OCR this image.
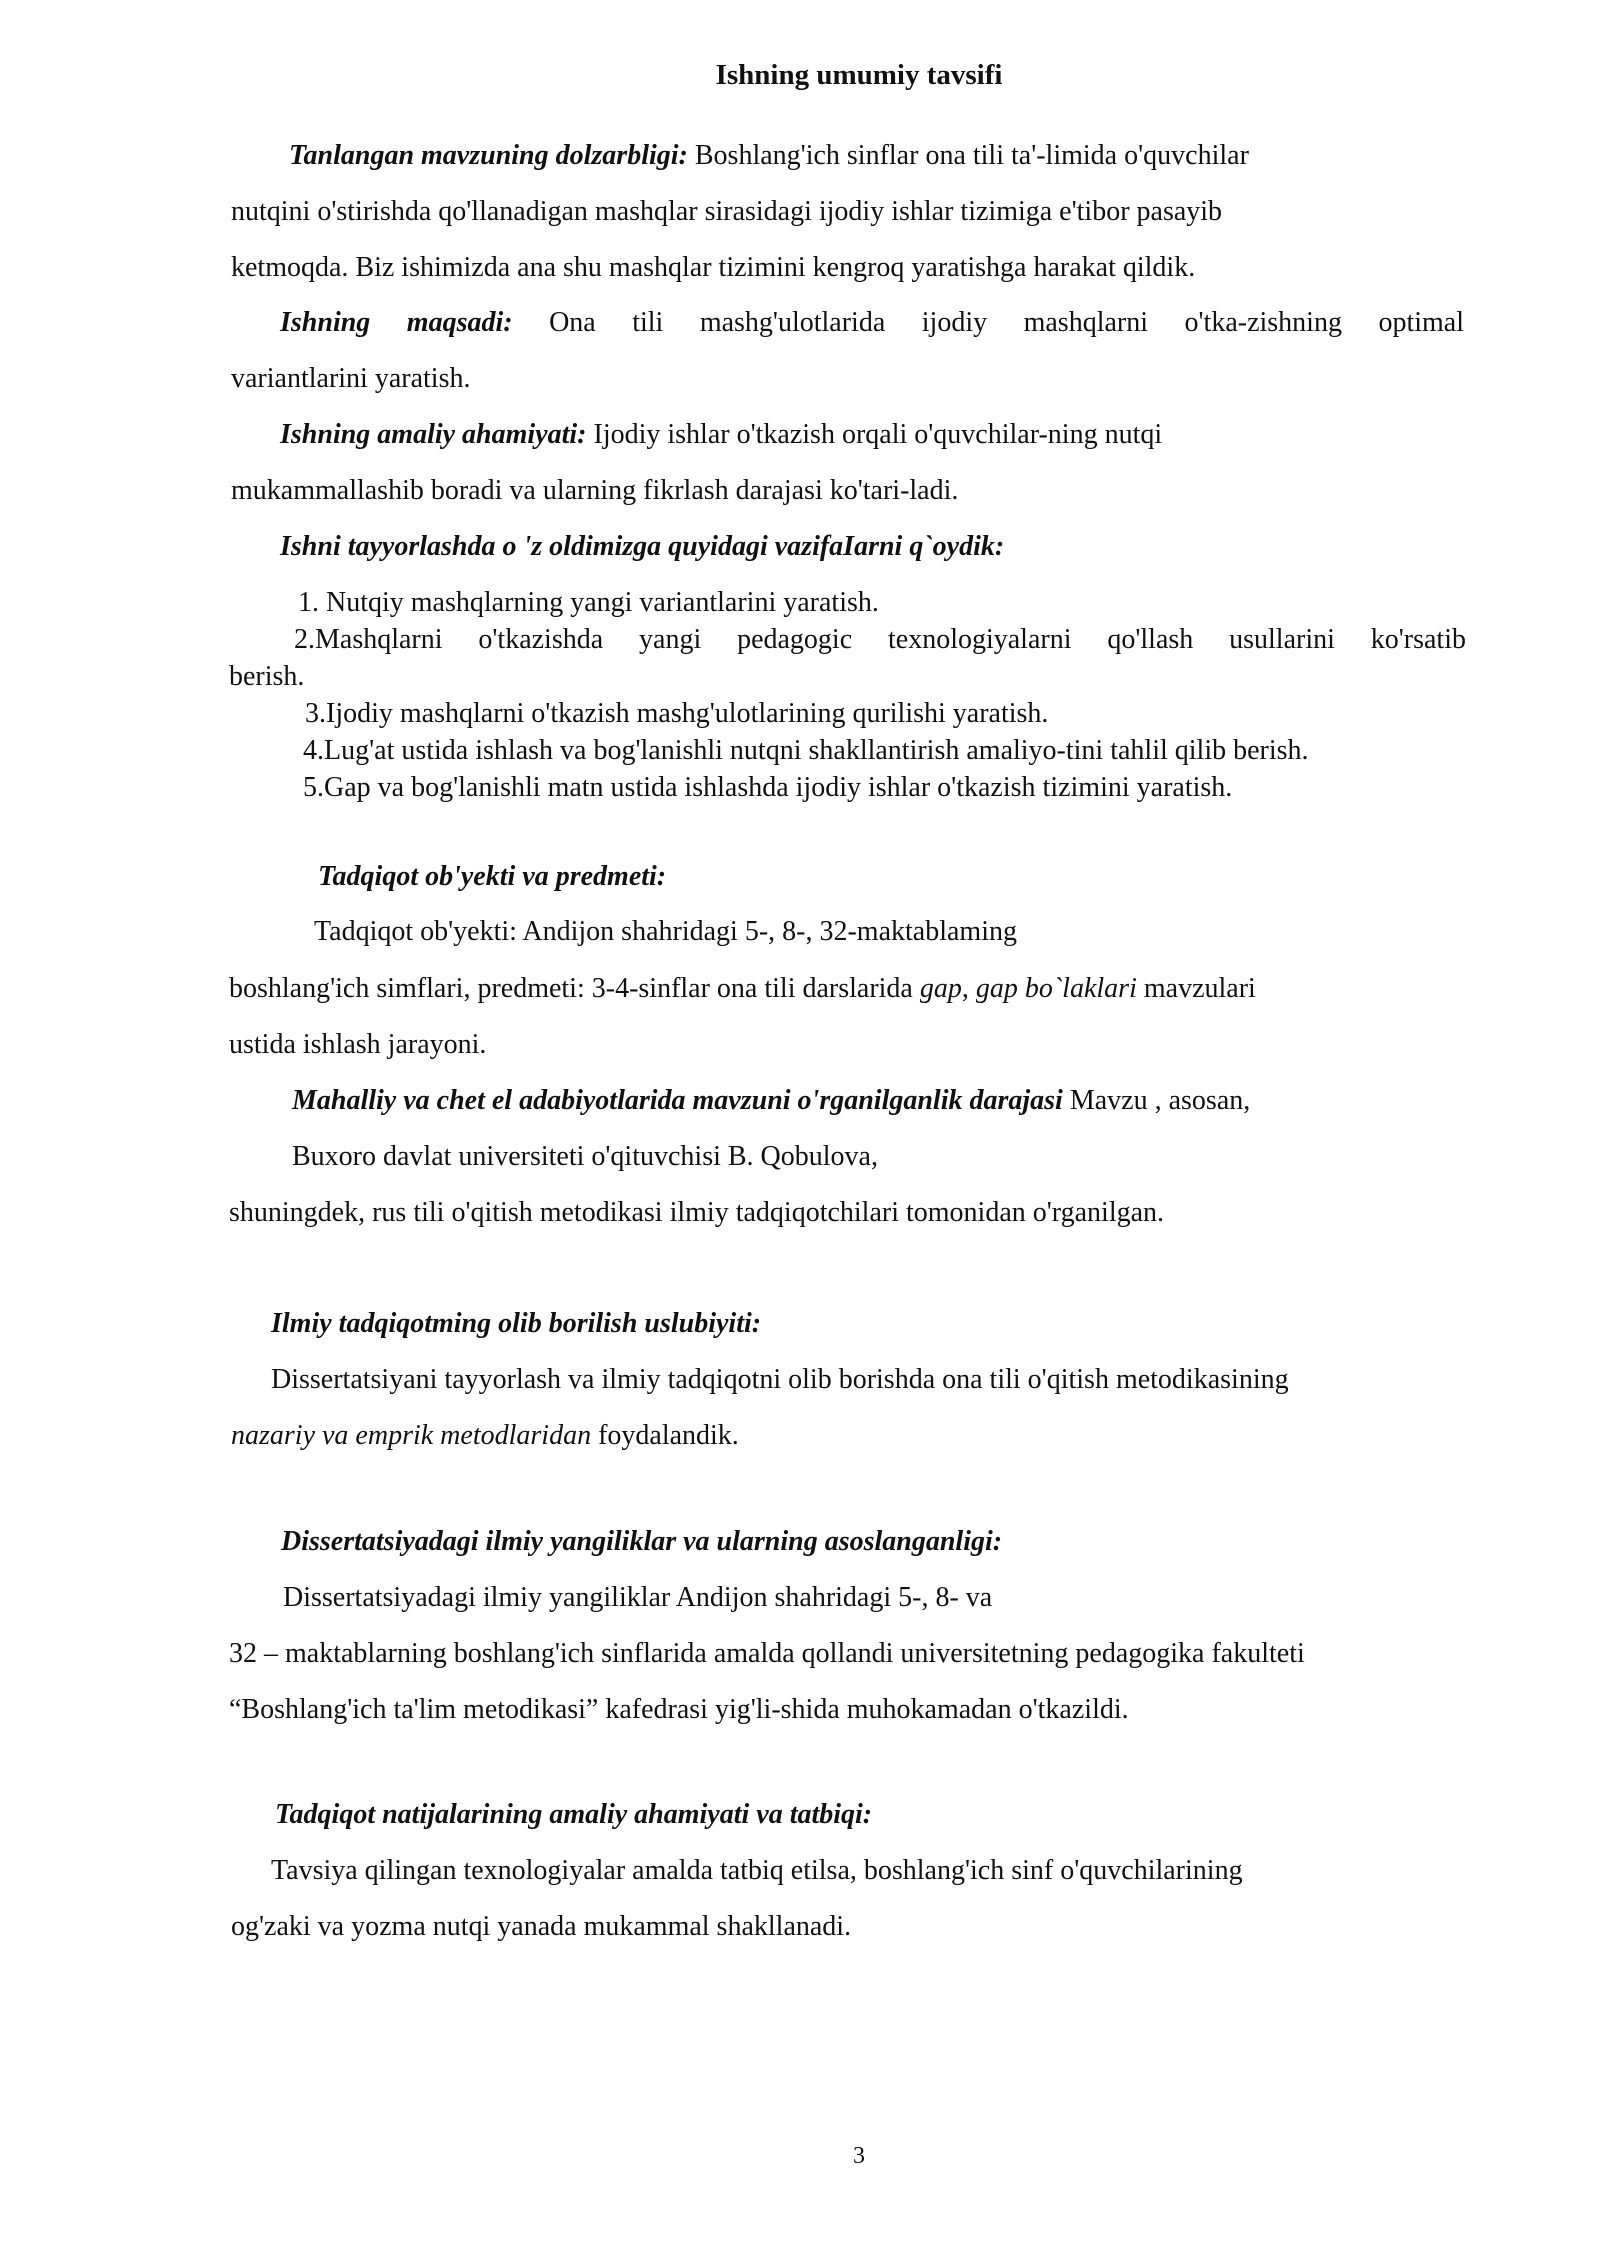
Ishning umumiy tavsifi
Tanlangan mavzuning dolzarbligi: Boshlang'ich sinflar ona tili ta'-limida o'quvchilar
nutqini o'stirishda qo'llanadigan mashqlar sirasidagi ijodiy ishlar tizimiga e'tibor pasayib
ketmoqda. Biz ishimizda ana shu mashqlar tizimini kengroq yaratishga harakat qildik.
Ishning maqsadi: Ona tili mashg'ulotlarida ijodiy mashqlarni o'tka-zishning optimal
variantlarini yaratish.
Ishning amaliy ahamiyati: Ijodiy ishlar o'tkazish orqali o'quvchilar-ning nutqi
mukammallashib boradi va ularning fikrlash darajasi ko'tari-ladi.
Ishni tayyorlashda o 'z oldimizga quyidagi vazifaIarni q`oydik:
1. Nutqiy mashqlarning yangi variantlarini yaratish.
2.Mashqlarni o'tkazishda yangi pedagogic texnologiyalarni qo'llash usullarini ko'rsatib
berish.
3.Ijodiy mashqlarni o'tkazish mashg'ulotlarining qurilishi yaratish.
4.Lug'at ustida ishlash va bog'lanishli nutqni shakllantirish amaliyo-tini tahlil qilib berish.
5.Gap va bog'lanishli matn ustida ishlashda ijodiy ishlar o'tkazish tizimini yaratish.
Tadqiqot ob'yekti va predmeti:
Tadqiqot ob'yekti: Andijon shahridagi 5-, 8-, 32-maktablaming
boshlang'ich simflari, predmeti: 3-4-sinflar ona tili darslarida gap, gap bo`laklari mavzulari
ustida ishlash jarayoni.
Mahalliy va chet el adabiyotlarida mavzuni o'rganilganlik darajasi Mavzu , asosan,
Buxoro davlat universiteti o'qituvchisi B. Qobulova,
shuningdek, rus tili o'qitish metodikasi ilmiy tadqiqotchilari tomonidan o'rganilgan.
Ilmiy tadqiqotming olib borilish uslubiyiti:
Dissertatsiyani tayyorlash va ilmiy tadqiqotni olib borishda ona tili o'qitish metodikasining
nazariy va emprik metodlaridan foydalandik.
Dissertatsiyadagi ilmiy yangiliklar va ularning asoslanganligi:
Dissertatsiyadagi ilmiy yangiliklar Andijon shahridagi 5-, 8- va
32 – maktablarning boshlang'ich sinflarida amalda qollandi universitetning pedagogika fakulteti
“Boshlang'ich ta'lim metodikasi” kafedrasi yig'li-shida muhokamadan o'tkazildi.
Tadqiqot natijalarining amaliy ahamiyati va tatbiqi:
Tavsiya qilingan texnologiyalar amalda tatbiq etilsa, boshlang'ich sinf o'quvchilarining
og'zaki va yozma nutqi yanada mukammal shakllanadi.
3
